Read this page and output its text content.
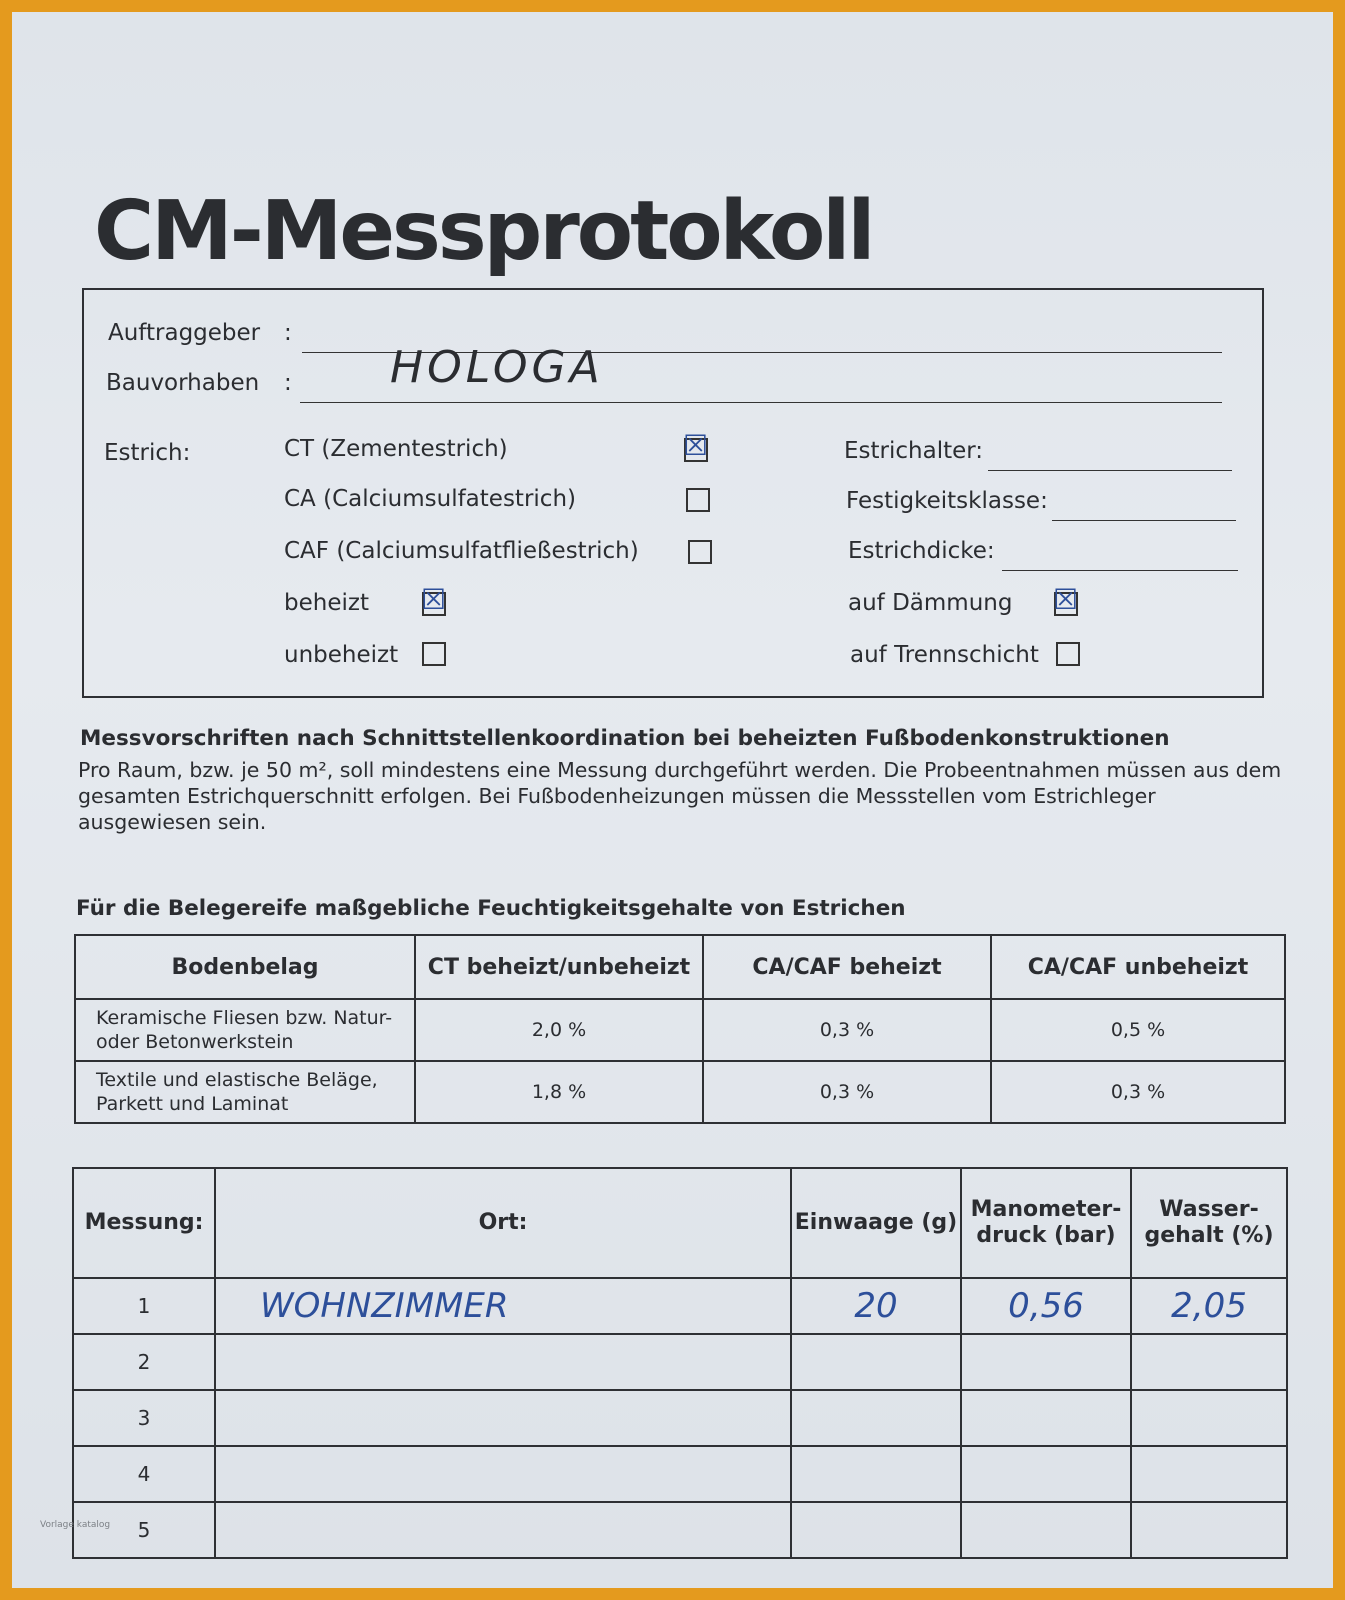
CM-Messprotokoll
Auftraggeber :
Bauvorhaben : HOLOGA
Estrich:	CT (Zementestrich)	☒
CA (Calciumsulfatestrich)
CAF (Calciumsulfatfließestrich)
beheizt ☒
unbeheizt
Estrichalter:
Festigkeitsklasse:
Estrichdicke:
auf Dämmung ☒
auf Trennschicht
Messvorschriften nach Schnittstellenkoordination bei beheizten Fußbodenkonstruktionen
Pro Raum, bzw. je 50 m², soll mindestens eine Messung durchgeführt werden. Die Probeentnahmen müssen aus dem gesamten Estrichquerschnitt erfolgen. Bei Fußbodenheizungen müssen die Messstellen vom Estrichleger ausgewiesen sein.
Für die Belegereife maßgebliche Feuchtigkeitsgehalte von Estrichen
Bodenbelag	CT beheizt/unbeheizt	CA/CAF beheizt	CA/CAF unbeheizt
Keramische Fliesen bzw. Natur- oder Betonwerkstein	2,0 %	0,3 %	0,5 %
Textile und elastische Beläge, Parkett und Laminat	1,8 %	0,3 %	0,3 %
Messung:	Ort:	Einwaage (g)	Manometer-druck (bar)	Wasser-gehalt (%)
1	WOHNZIMMER	20	0,56	2,05
2				
3				
4				
5				
Vorlage katalog
